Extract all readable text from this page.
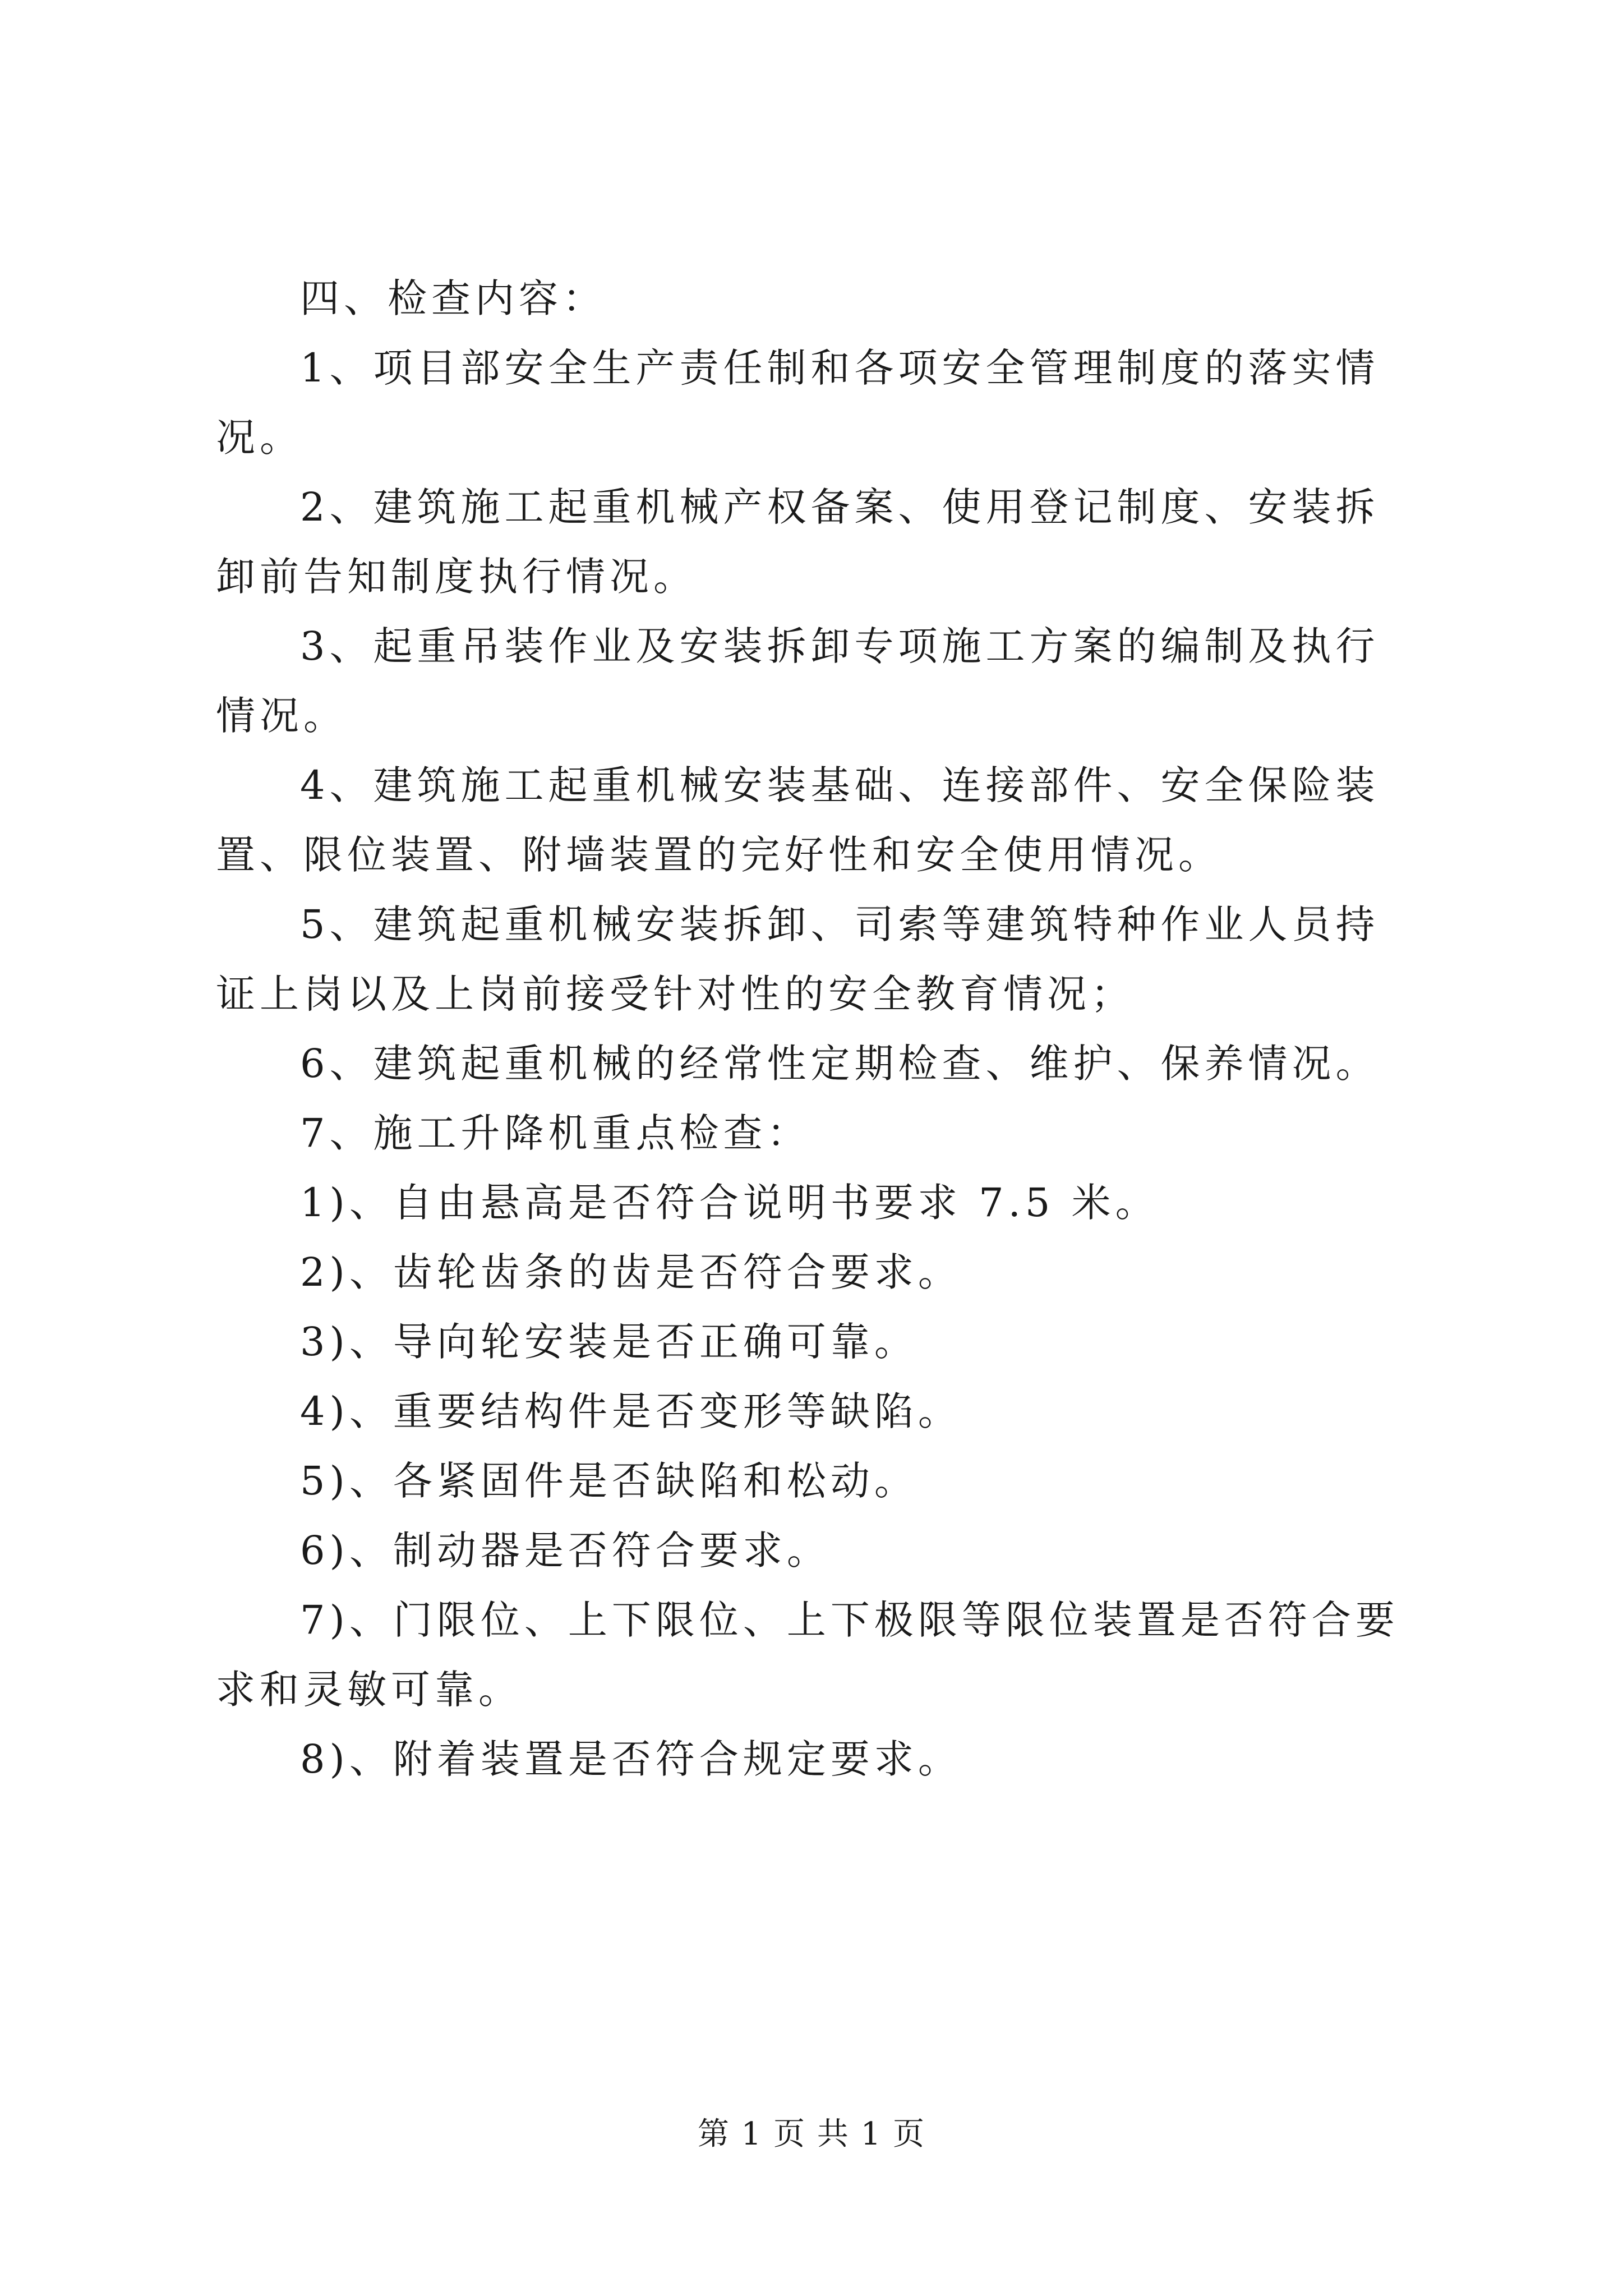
四、检查内容：

1、项目部安全生产责任制和各项安全管理制度的落实情况。

2、建筑施工起重机械产权备案、使用登记制度、安装拆卸前告知制度执行情况。

3、起重吊装作业及安装拆卸专项施工方案的编制及执行情况。

4、建筑施工起重机械安装基础、连接部件、安全保险装置、限位装置、附墙装置的完好性和安全使用情况。

5、建筑起重机械安装拆卸、司索等建筑特种作业人员持证上岗以及上岗前接受针对性的安全教育情况；

6、建筑起重机械的经常性定期检查、维护、保养情况。

7、施工升降机重点检查：

1)、自由悬高是否符合说明书要求 7.5 米。

2)、齿轮齿条的齿是否符合要求。

3)、导向轮安装是否正确可靠。

4)、重要结构件是否变形等缺陷。

5)、各紧固件是否缺陷和松动。

6)、制动器是否符合要求。

7)、门限位、上下限位、上下极限等限位装置是否符合要求和灵敏可靠。

8)、附着装置是否符合规定要求。

第 1 页 共 1 页
